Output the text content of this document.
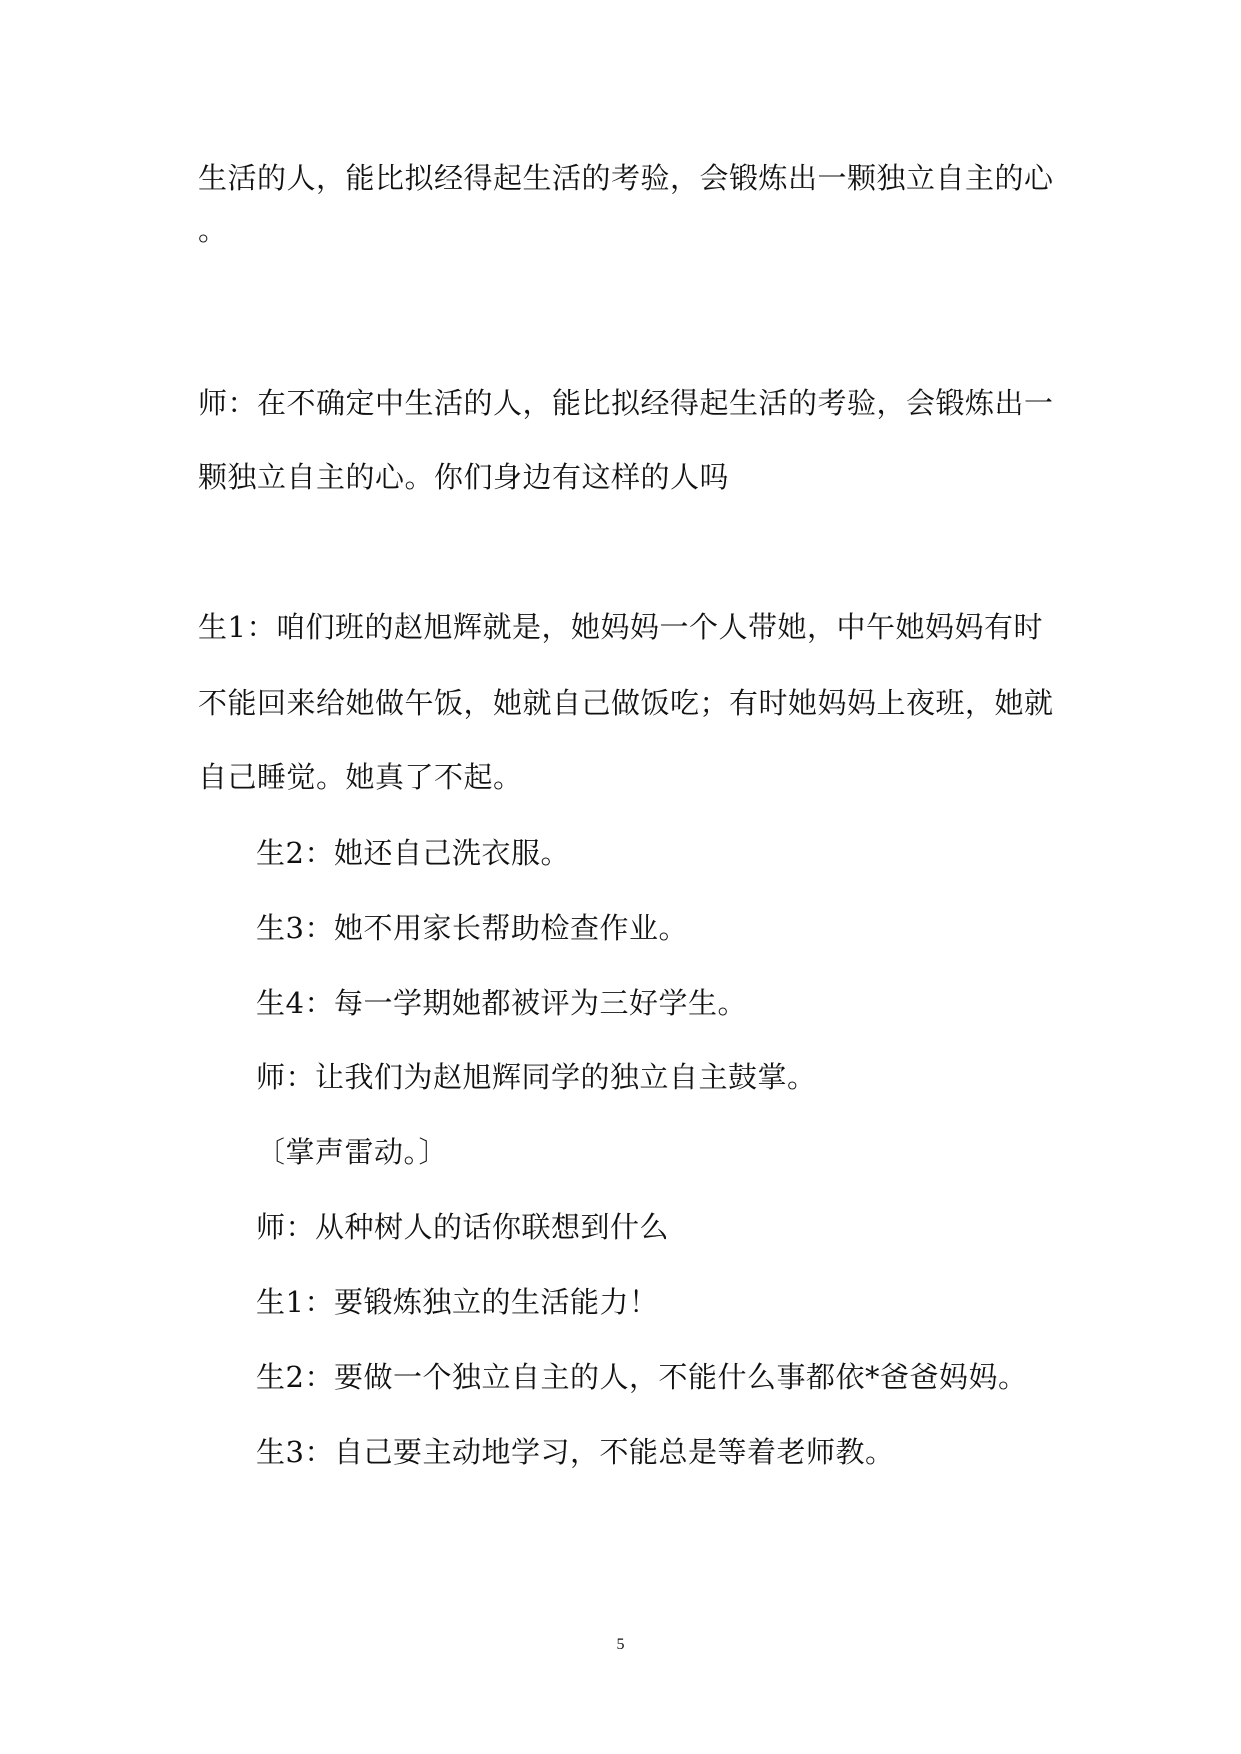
生活的人，能比拟经得起生活的考验，会锻炼出一颗独立自主的心
。
师：在不确定中生活的人，能比拟经得起生活的考验，会锻炼出一
颗独立自主的心。你们身边有这样的人吗
生1：咱们班的赵旭辉就是，她妈妈一个人带她，中午她妈妈有时
不能回来给她做午饭，她就自己做饭吃；有时她妈妈上夜班，她就
自己睡觉。她真了不起。
生2：她还自己洗衣服。
生3：她不用家长帮助检查作业。
生4：每一学期她都被评为三好学生。
师：让我们为赵旭辉同学的独立自主鼓掌。
〔掌声雷动。〕
师：从种树人的话你联想到什么
生1：要锻炼独立的生活能力！
生2：要做一个独立自主的人，不能什么事都依*爸爸妈妈。
生3：自己要主动地学习，不能总是等着老师教。
5
